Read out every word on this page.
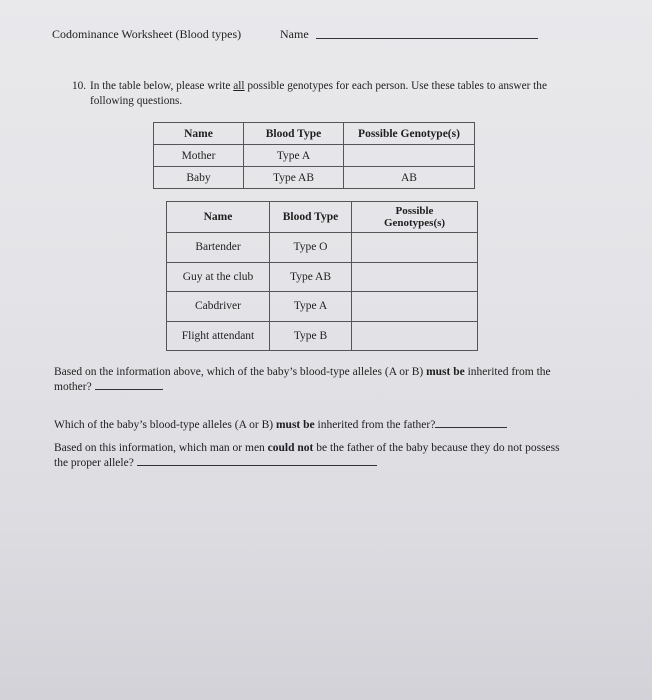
Codominance Worksheet (Blood types)	Name
10. In the table below, please write all possible genotypes for each person. Use these tables to answer the
following questions.
Name	Blood Type	Possible Genotype(s)
Mother	Type A	
Baby	Type AB	AB
Name	Blood Type	Possible
Genotypes(s)
Bartender	Type O	
Guy at the club	Type AB	
Cabdriver	Type A	
Flight attendant	Type B	
Based on the information above, which of the baby’s blood-type alleles (A or B) must be inherited from the
mother?
Which of the baby’s blood-type alleles (A or B) must be inherited from the father?
Based on this information, which man or men could not be the father of the baby because they do not possess
the proper allele?
